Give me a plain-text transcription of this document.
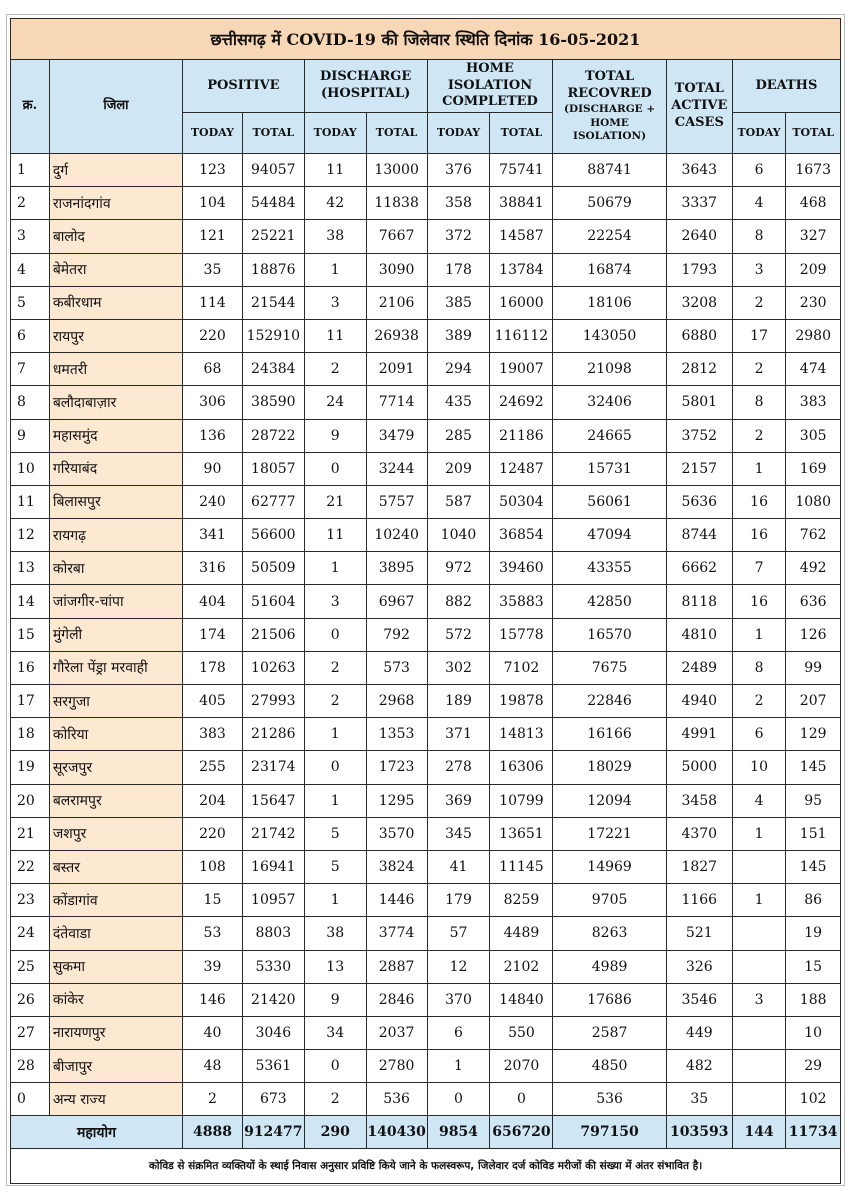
छत्तीसगढ़ में COVID-19 की जिलेवार स्थिति दिनांक 16-05-2021											
क्र.	जिला	POSITIVE		DISCHARGE (HOSPITAL)		HOME ISOLATION COMPLETED		TOTAL RECOVRED
(DISCHARGE + HOME ISOLATION)	TOTAL ACTIVE CASES	DEATHS	
		TODAY	TOTAL	TODAY	TOTAL	TODAY	TOTAL			TODAY	TOTAL
1	दुर्ग	123	94057	11	13000	376	75741	88741	3643	6	1673
2	राजनांदगांव	104	54484	42	11838	358	38841	50679	3337	4	468
3	बालोद	121	25221	38	7667	372	14587	22254	2640	8	327
4	बेमेतरा	35	18876	1	3090	178	13784	16874	1793	3	209
5	कबीरधाम	114	21544	3	2106	385	16000	18106	3208	2	230
6	रायपुर	220	152910	11	26938	389	116112	143050	6880	17	2980
7	धमतरी	68	24384	2	2091	294	19007	21098	2812	2	474
8	बलौदाबाज़ार	306	38590	24	7714	435	24692	32406	5801	8	383
9	महासमुंद	136	28722	9	3479	285	21186	24665	3752	2	305
10	गरियाबंद	90	18057	0	3244	209	12487	15731	2157	1	169
11	बिलासपुर	240	62777	21	5757	587	50304	56061	5636	16	1080
12	रायगढ़	341	56600	11	10240	1040	36854	47094	8744	16	762
13	कोरबा	316	50509	1	3895	972	39460	43355	6662	7	492
14	जांजगीर-चांपा	404	51604	3	6967	882	35883	42850	8118	16	636
15	मुंगेली	174	21506	0	792	572	15778	16570	4810	1	126
16	गौरेला पेंड्रा मरवाही	178	10263	2	573	302	7102	7675	2489	8	99
17	सरगुजा	405	27993	2	2968	189	19878	22846	4940	2	207
18	कोरिया	383	21286	1	1353	371	14813	16166	4991	6	129
19	सूरजपुर	255	23174	0	1723	278	16306	18029	5000	10	145
20	बलरामपुर	204	15647	1	1295	369	10799	12094	3458	4	95
21	जशपुर	220	21742	5	3570	345	13651	17221	4370	1	151
22	बस्तर	108	16941	5	3824	41	11145	14969	1827		145
23	कोंडागांव	15	10957	1	1446	179	8259	9705	1166	1	86
24	दंतेवाडा	53	8803	38	3774	57	4489	8263	521		19
25	सुकमा	39	5330	13	2887	12	2102	4989	326		15
26	कांकेर	146	21420	9	2846	370	14840	17686	3546	3	188
27	नारायणपुर	40	3046	34	2037	6	550	2587	449		10
28	बीजापुर	48	5361	0	2780	1	2070	4850	482		29
0	अन्य राज्य	2	673	2	536	0	0	536	35		102
महायोग		4888	912477	290	140430	9854	656720	797150	103593	144	11734
कोविड से संक्रमित व्यक्तियों के स्थाई निवास अनुसार प्रविष्टि किये जाने के फलस्वरूप, जिलेवार दर्ज कोविड मरीजों की संख्या में अंतर संभावित है।											
